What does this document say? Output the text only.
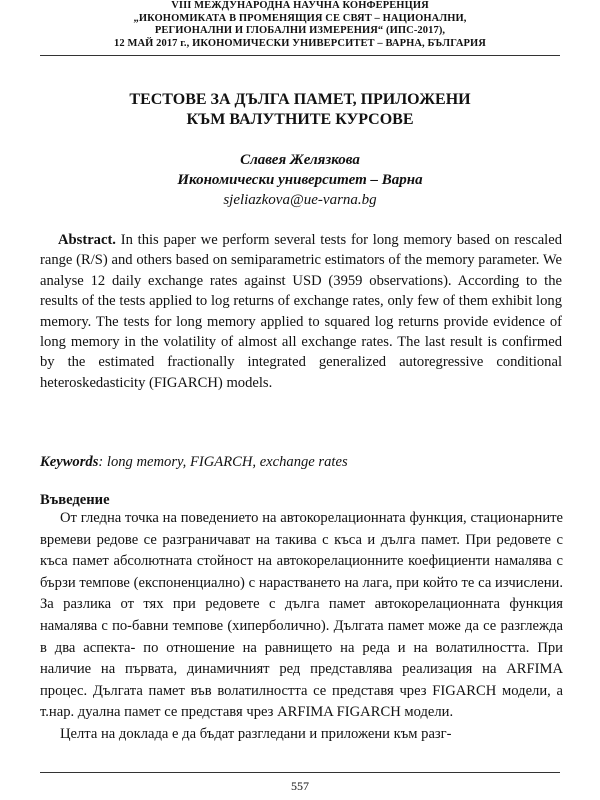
VIII МЕЖДУНАРОДНА НАУЧНА КОНФЕРЕНЦИЯ
„ИКОНОМИКАТА В ПРОМЕНЯЩИЯ СЕ СВЯТ – НАЦИОНАЛНИ,
РЕГИОНАЛНИ И ГЛОБАЛНИ ИЗМЕРЕНИЯ“ (ИПС-2017),
12 МАЙ 2017 г., ИКОНОМИЧЕСКИ УНИВЕРСИТЕТ – ВАРНА, БЪЛГАРИЯ
ТЕСТОВЕ ЗА ДЪЛГА ПАМЕТ, ПРИЛОЖЕНИ
КЪМ ВАЛУТНИТЕ КУРСОВЕ
Славея Желязкова
Икономически университет – Варна
sjeliazkova@ue-varna.bg
Abstract. In this paper we perform several tests for long memory based on rescaled range (R/S) and others based on semiparametric estimators of the memory parameter. We analyse 12 daily exchange rates against USD (3959 observations). According to the results of the tests applied to log returns of exchange rates, only few of them exhibit long memory. The tests for long memory applied to squared log returns provide evidence of long memory in the volatility of almost all exchange rates. The last result is confirmed by the estimated fractionally integrated generalized autoregressive conditional heteroskedasticity (FIGARCH) models.
Keywords: long memory, FIGARCH, exchange rates
Въведение

От гледна точка на поведението на автокорелационната функция, стационарните времеви редове се разграничават на такива с къса и дълга памет. При редовете с къса памет абсолютната стойност на автокорелационните коефициенти намалява с бързи темпове (експоненциално) с нарастването на лага, при който те са изчислени. За разлика от тях при редовете с дълга памет автокорелационната функция намалява с по-бавни темпове (хиперболично). Дългата памет може да се разглежда в два аспекта- по отношение на равнището на реда и на волатилността. При наличие на първата, динамичният ред представлява реализация на ARFIMA процес. Дългата памет във волатилността се представя чрез FIGARCH модели, а т.нар. дуална памет се представя чрез ARFIMA FIGARCH модели.

Целта на доклада е да бъдат разгледани и приложени към разг-

557
